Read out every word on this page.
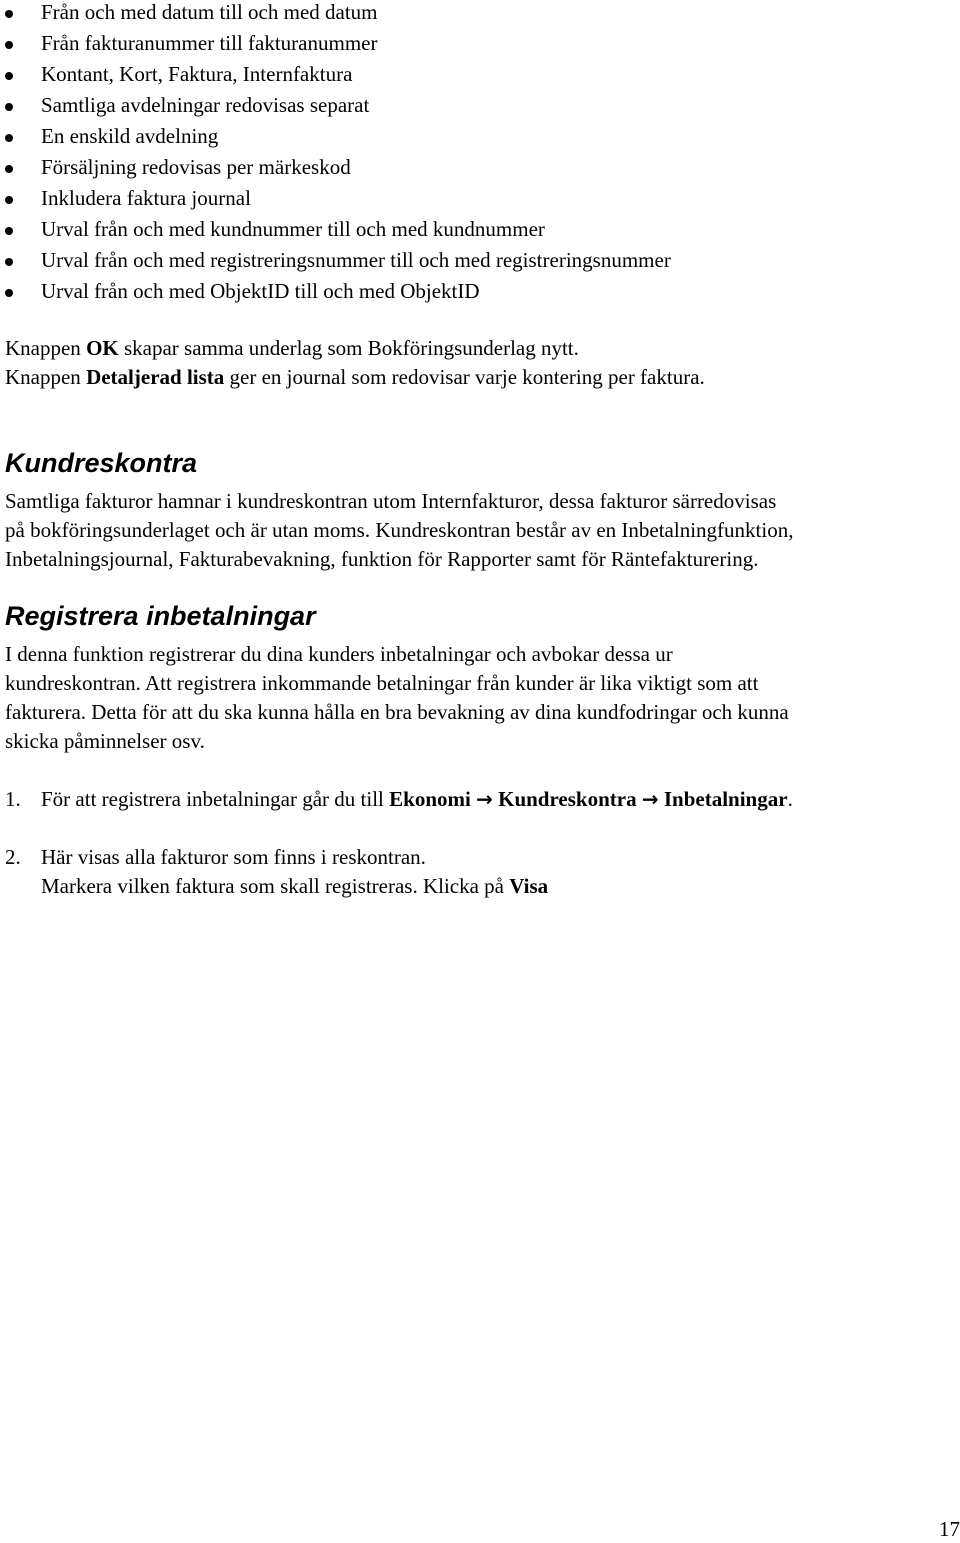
Från och med datum till och med datum
Från fakturanummer till fakturanummer
Kontant, Kort, Faktura, Internfaktura
Samtliga avdelningar redovisas separat
En enskild avdelning
Försäljning redovisas per märkeskod
Inkludera faktura journal
Urval från och med kundnummer till och med kundnummer
Urval från och med registreringsnummer till och med registreringsnummer
Urval från och med ObjektID till och med ObjektID

Knappen OK skapar samma underlag som Bokföringsunderlag nytt.
Knappen Detaljerad lista ger en journal som redovisar varje kontering per faktura.

Kundreskontra

Samtliga fakturor hamnar i kundreskontran utom Internfakturor, dessa fakturor särredovisas
på bokföringsunderlaget och är utan moms. Kundreskontran består av en Inbetalningfunktion,
Inbetalningsjournal, Fakturabevakning, funktion för Rapporter samt för Räntefakturering.

Registrera inbetalningar

I denna funktion registrerar du dina kunders inbetalningar och avbokar dessa ur
kundreskontran. Att registrera inkommande betalningar från kunder är lika viktigt som att
fakturera. Detta för att du ska kunna hålla en bra bevakning av dina kundfodringar och kunna
skicka påminnelser osv.

1. För att registrera inbetalningar går du till Ekonomi → Kundreskontra → Inbetalningar.
2. Här visas alla fakturor som finns i reskontran.
Markera vilken faktura som skall registreras. Klicka på Visa
17
